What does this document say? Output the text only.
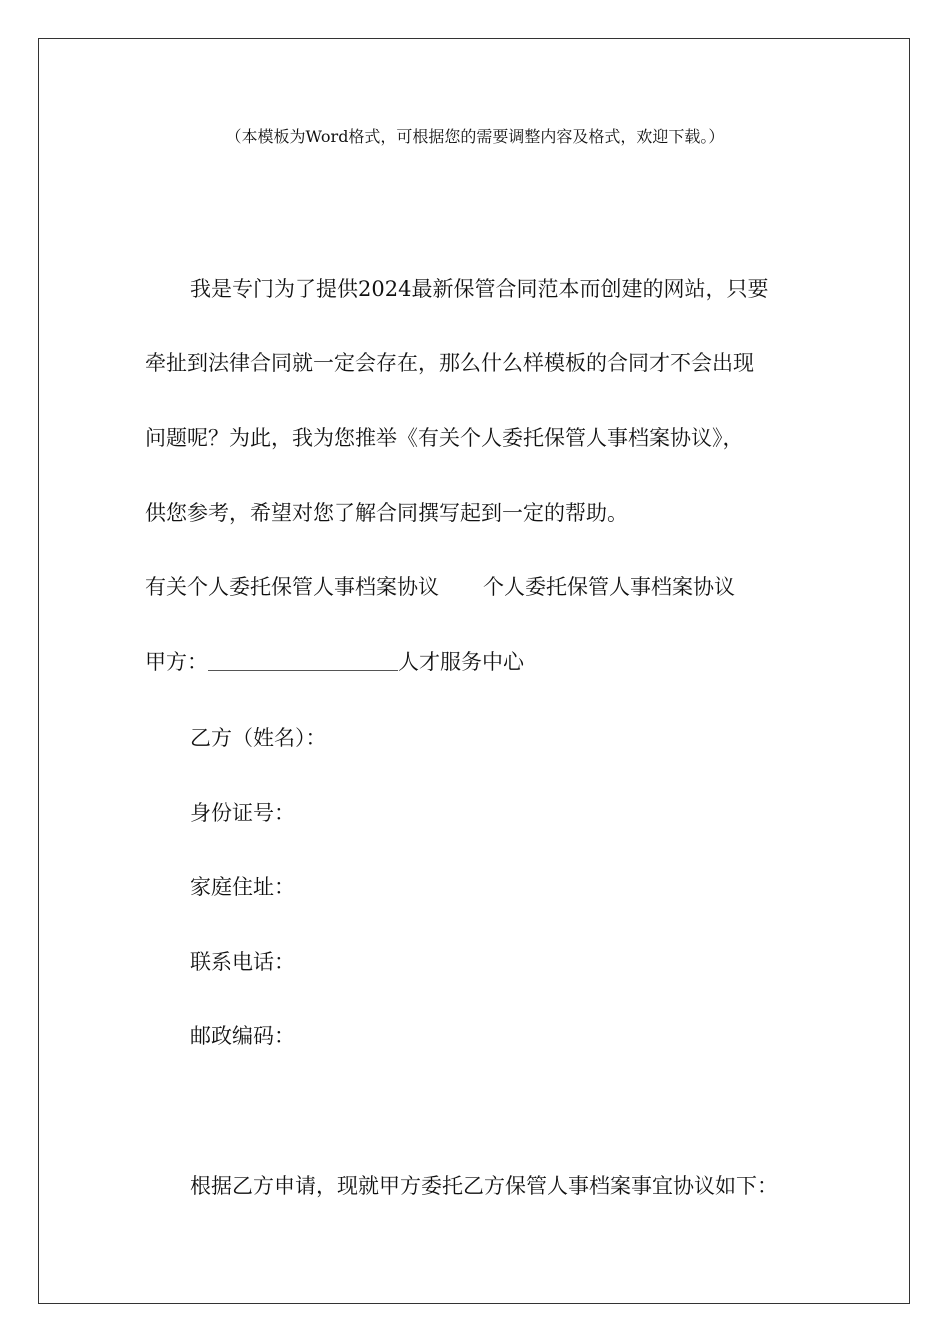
（本模板为Word格式，可根据您的需要调整内容及格式，欢迎下载。）
我是专门为了提供2024最新保管合同范本而创建的网站，只要
牵扯到法律合同就一定会存在，那么什么样模板的合同才不会出现
问题呢？为此，我为您推举《有关个人委托保管人事档案协议》，
供您参考，希望对您了解合同撰写起到一定的帮助。
有关个人委托保管人事档案协议 个人委托保管人事档案协议
甲方：	人才服务中心
乙方（姓名）：
身份证号：
家庭住址：
联系电话：
邮政编码：
根据乙方申请，现就甲方委托乙方保管人事档案事宜协议如下：
